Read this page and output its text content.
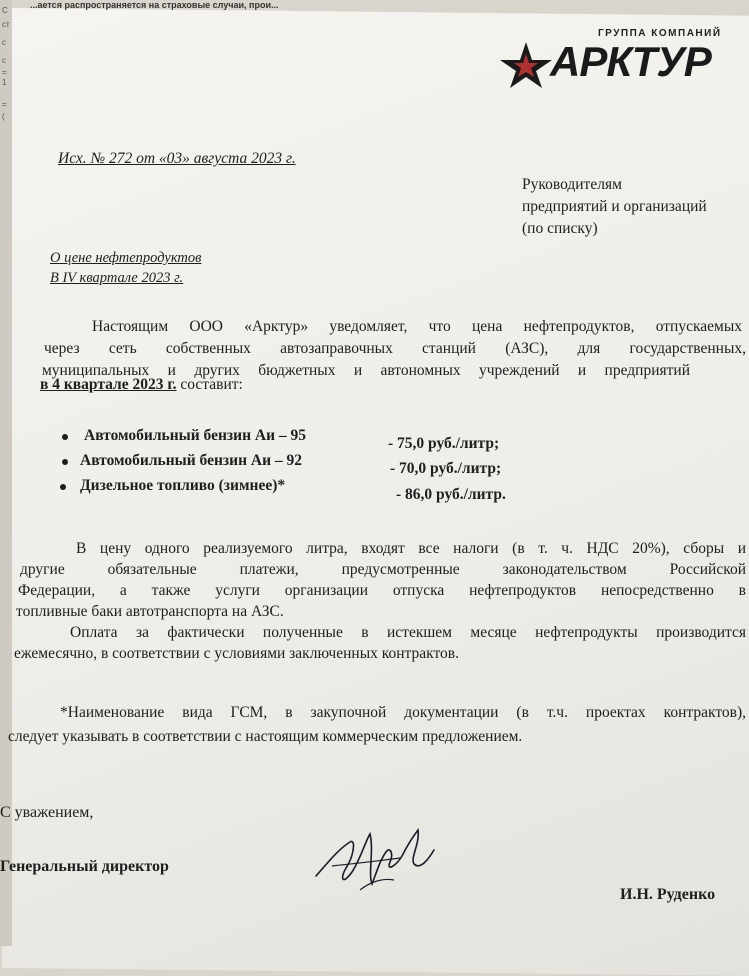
С
ст
с
с
=
1
=
(
...ается распространяется на страховые случаи, прои...
ГРУППА КОМПАНИЙ
АРКТУР
Исх. № 272 от «03» августа 2023 г.
Руководителям
предприятий и организаций
(по списку)
О цене нефтепродуктов
В IV квартале 2023 г.
Настоящим ООО «Арктур» уведомляет, что цена нефтепродуктов, отпускаемых
через сеть собственных автозаправочных станций (АЗС), для государственных,
муниципальных и других бюджетных и автономных учреждений и предприятий
в 4 квартале 2023 г. составит:
Автомобильный бензин Аи – 95	- 75,0 руб./литр;
Автомобильный бензин Аи – 92	- 70,0 руб./литр;
Дизельное топливо (зимнее)*
- 86,0 руб./литр.
В цену одного реализуемого литра, входят все налоги (в т. ч. НДС 20%), сборы и
другие обязательные платежи, предусмотренные законодательством Российской
Федерации, а также услуги организации отпуска нефтепродуктов непосредственно в
топливные баки автотранспорта на АЗС.
Оплата за фактически полученные в истекшем месяце нефтепродукты производится
ежемесячно, в соответствии с условиями заключенных контрактов.
*Наименование вида ГСМ, в закупочной документации (в т.ч. проектах контрактов),
следует указывать в соответствии с настоящим коммерческим предложением.
С уважением,
Генеральный директор
И.Н. Руденко
